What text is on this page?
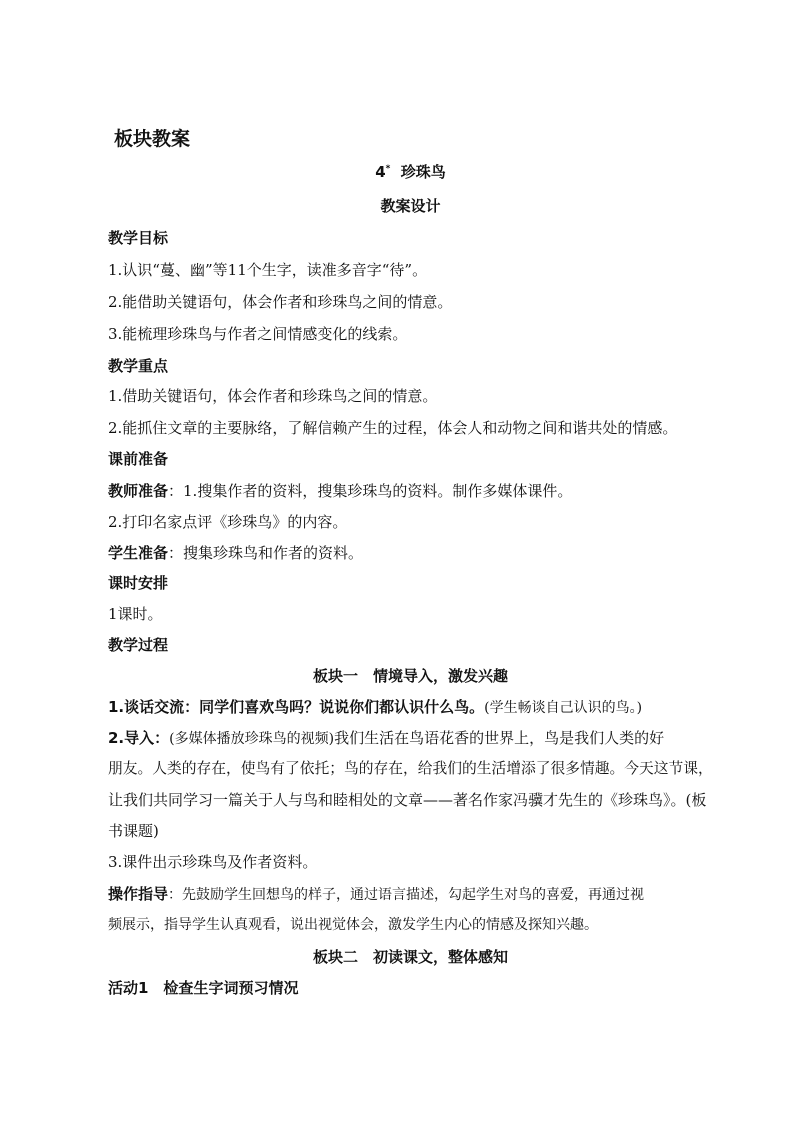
板块教案
4* 珍珠鸟
教案设计
教学目标
1.认识“蔓、幽”等11个生字，读准多音字“待”。
2.能借助关键语句，体会作者和珍珠鸟之间的情意。
3.能梳理珍珠鸟与作者之间情感变化的线索。
教学重点
1.借助关键语句，体会作者和珍珠鸟之间的情意。
2.能抓住文章的主要脉络，了解信赖产生的过程，体会人和动物之间和谐共处的情感。
课前准备
教师准备：1.搜集作者的资料，搜集珍珠鸟的资料。制作多媒体课件。
2.打印名家点评《珍珠鸟》的内容。
学生准备：搜集珍珠鸟和作者的资料。
课时安排
1课时。
教学过程
板块一　情境导入，激发兴趣
1.谈话交流：同学们喜欢鸟吗？说说你们都认识什么鸟。(学生畅谈自己认识的鸟。)
2.导入：(多媒体播放珍珠鸟的视频)我们生活在鸟语花香的世界上，鸟是我们人类的好
朋友。人类的存在，使鸟有了依托；鸟的存在，给我们的生活增添了很多情趣。今天这节课，
让我们共同学习一篇关于人与鸟和睦相处的文章——著名作家冯骥才先生的《珍珠鸟》。(板
书课题)
3.课件出示珍珠鸟及作者资料。
操作指导：先鼓励学生回想鸟的样子，通过语言描述，勾起学生对鸟的喜爱，再通过视
频展示，指导学生认真观看，说出视觉体会，激发学生内心的情感及探知兴趣。
板块二　初读课文，整体感知
活动1　检查生字词预习情况
